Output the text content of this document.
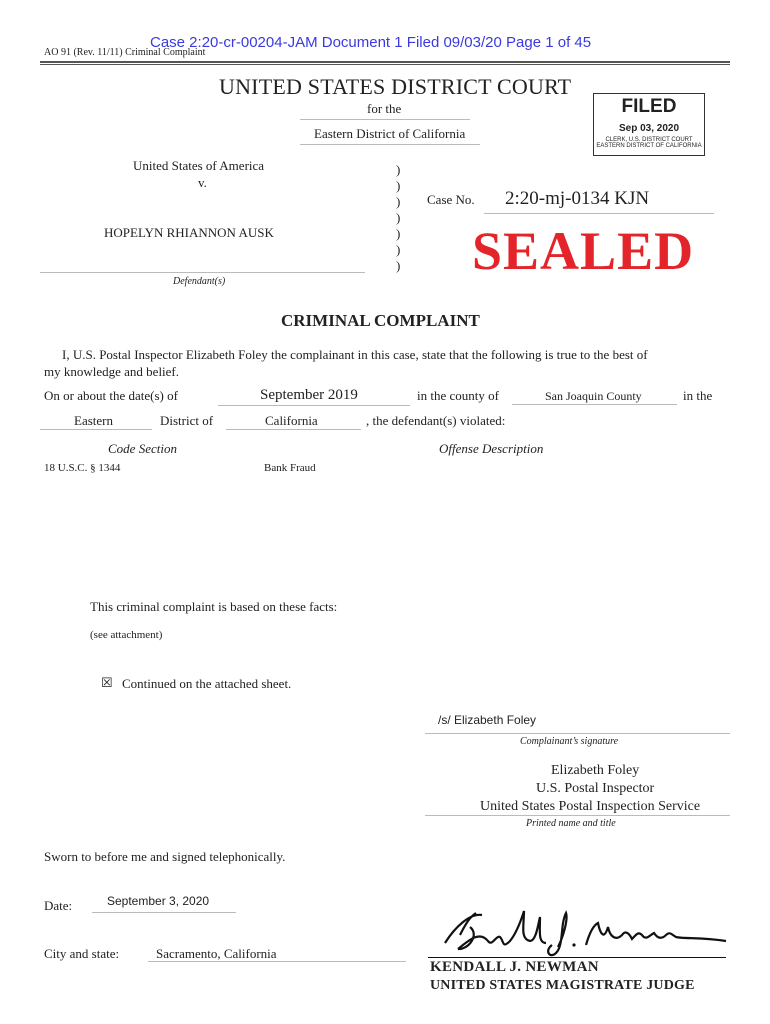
Case 2:20-cr-00204-JAM Document 1 Filed 09/03/20 Page 1 of 45
AO 91 (Rev. 11/11) Criminal Complaint
UNITED STATES DISTRICT COURT
for the
Eastern District of California
FILED
Sep 03, 2020
CLERK, U.S. DISTRICT COURT
EASTERN DISTRICT OF CALIFORNIA
United States of America
v.
HOPELYN RHIANNON AUSK
Defendant(s)
)
)
)
)
)
)
)
Case No. 2:20-mj-0134 KJN
SEALED
CRIMINAL COMPLAINT
I, U.S. Postal Inspector Elizabeth Foley the complainant in this case, state that the following is true to the best of
my knowledge and belief.
On or about the date(s) of	September 2019	in the county of	San Joaquin County	in the
Eastern	District of	California	, the defendant(s) violated:
Code Section	Offense Description
18 U.S.C. § 1344	Bank Fraud
This criminal complaint is based on these facts:
(see attachment)
☒ Continued on the attached sheet.
/s/ Elizabeth Foley
Complainant’s signature
Elizabeth Foley
U.S. Postal Inspector
United States Postal Inspection Service
Printed name and title
Sworn to before me and signed telephonically.
Date:	September 3, 2020
City and state:	Sacramento, California
KENDALL J. NEWMAN
UNITED STATES MAGISTRATE JUDGE
